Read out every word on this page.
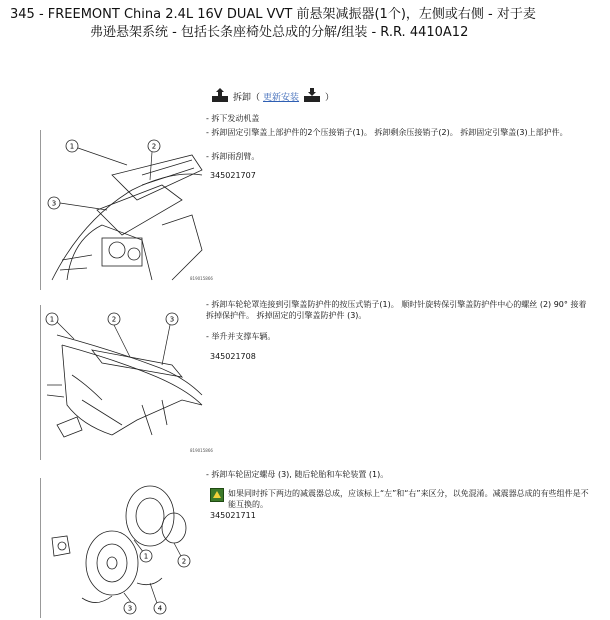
345 - FREEMONT China 2.4L 16V DUAL VVT 前悬架减振器(1个)，左侧或右侧 - 对于麦
弗逊悬架系统 - 包括长条座椅处总成的分解/组装 - R.R. 4410A12
拆卸（ 更新安装	）
1	2
3
819015866
- 拆下发动机盖
- 拆卸固定引擎盖上部护件的2个压接销子(1)。 拆卸剩余压接销子(2)。 拆卸固定引擎盖(3)上部护件。
- 拆卸雨刮臂。
345021707
1	2	3
819015866
- 拆卸车轮轮罩连接到引擎盖防护件的按压式销子(1)。 顺时针旋转保引擎盖防护件中心的螺丝 (2) 90° 接着拆掉保护件。 拆掉固定的引擎盖防护件 (3)。
- 举升并支撑车辆。
345021708
1
2
3	4
- 拆卸车轮固定螺母 (3), 随后轮胎和车轮装置 (1)。
如果同时拆下两边的减震器总成，应该标上“左”和“右”来区分，以免混淆。减震器总成的有些组件是不能互换的。
345021711
